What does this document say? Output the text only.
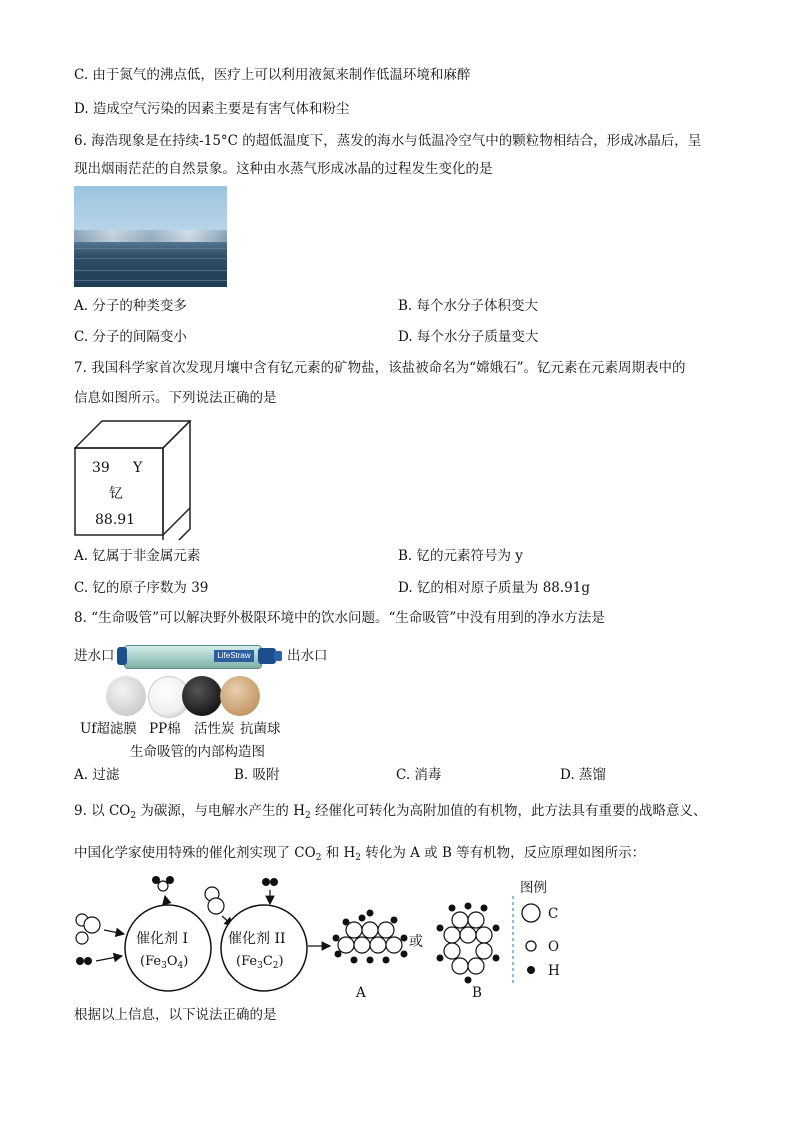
C. 由于氮气的沸点低，医疗上可以利用液氮来制作低温环境和麻醉
D. 造成空气污染的因素主要是有害气体和粉尘
6. 海浩现象是在持续-15°C 的超低温度下，蒸发的海水与低温冷空气中的颗粒物相结合，形成冰晶后，呈
现出烟雨茫茫的自然景象。这种由水蒸气形成冰晶的过程发生变化的是
A. 分子的种类变多	B. 每个水分子体积变大
C. 分子的间隔变小	D. 每个水分子质量变大
7. 我国科学家首次发现月壤中含有钇元素的矿物盐，该盐被命名为“嫦娥石”。钇元素在元素周期表中的
信息如图所示。下列说法正确的是
39 Y
钇
88.91
A. 钇属于非金属元素	B. 钇的元素符号为 y
C. 钇的原子序数为 39	D. 钇的相对原子质量为 88.91g
8. “生命吸管”可以解决野外极限环境中的饮水问题。“生命吸管”中没有用到的净水方法是
进水口	LifeStraw	出水口
Uf超滤膜 PP棉 活性炭 抗菌球
生命吸管的内部构造图
A. 过滤	B. 吸附	C. 消毒	D. 蒸馏
9. 以 $CO_2$ 为碳源，与电解水产生的 $H_2$ 经催化可转化为高附加值的有机物，此方法具有重要的战略意义、
中国化学家使用特殊的催化剂实现了 $CO_2$ 和 $H_2$ 转化为 A 或 B 等有机物，反应原理如图所示：
催化剂 I
$(Fe_3O_4)$
催化剂 II
$(Fe_3C_2)$
或
A	B
图例
C
O
H
根据以上信息，以下说法正确的是
